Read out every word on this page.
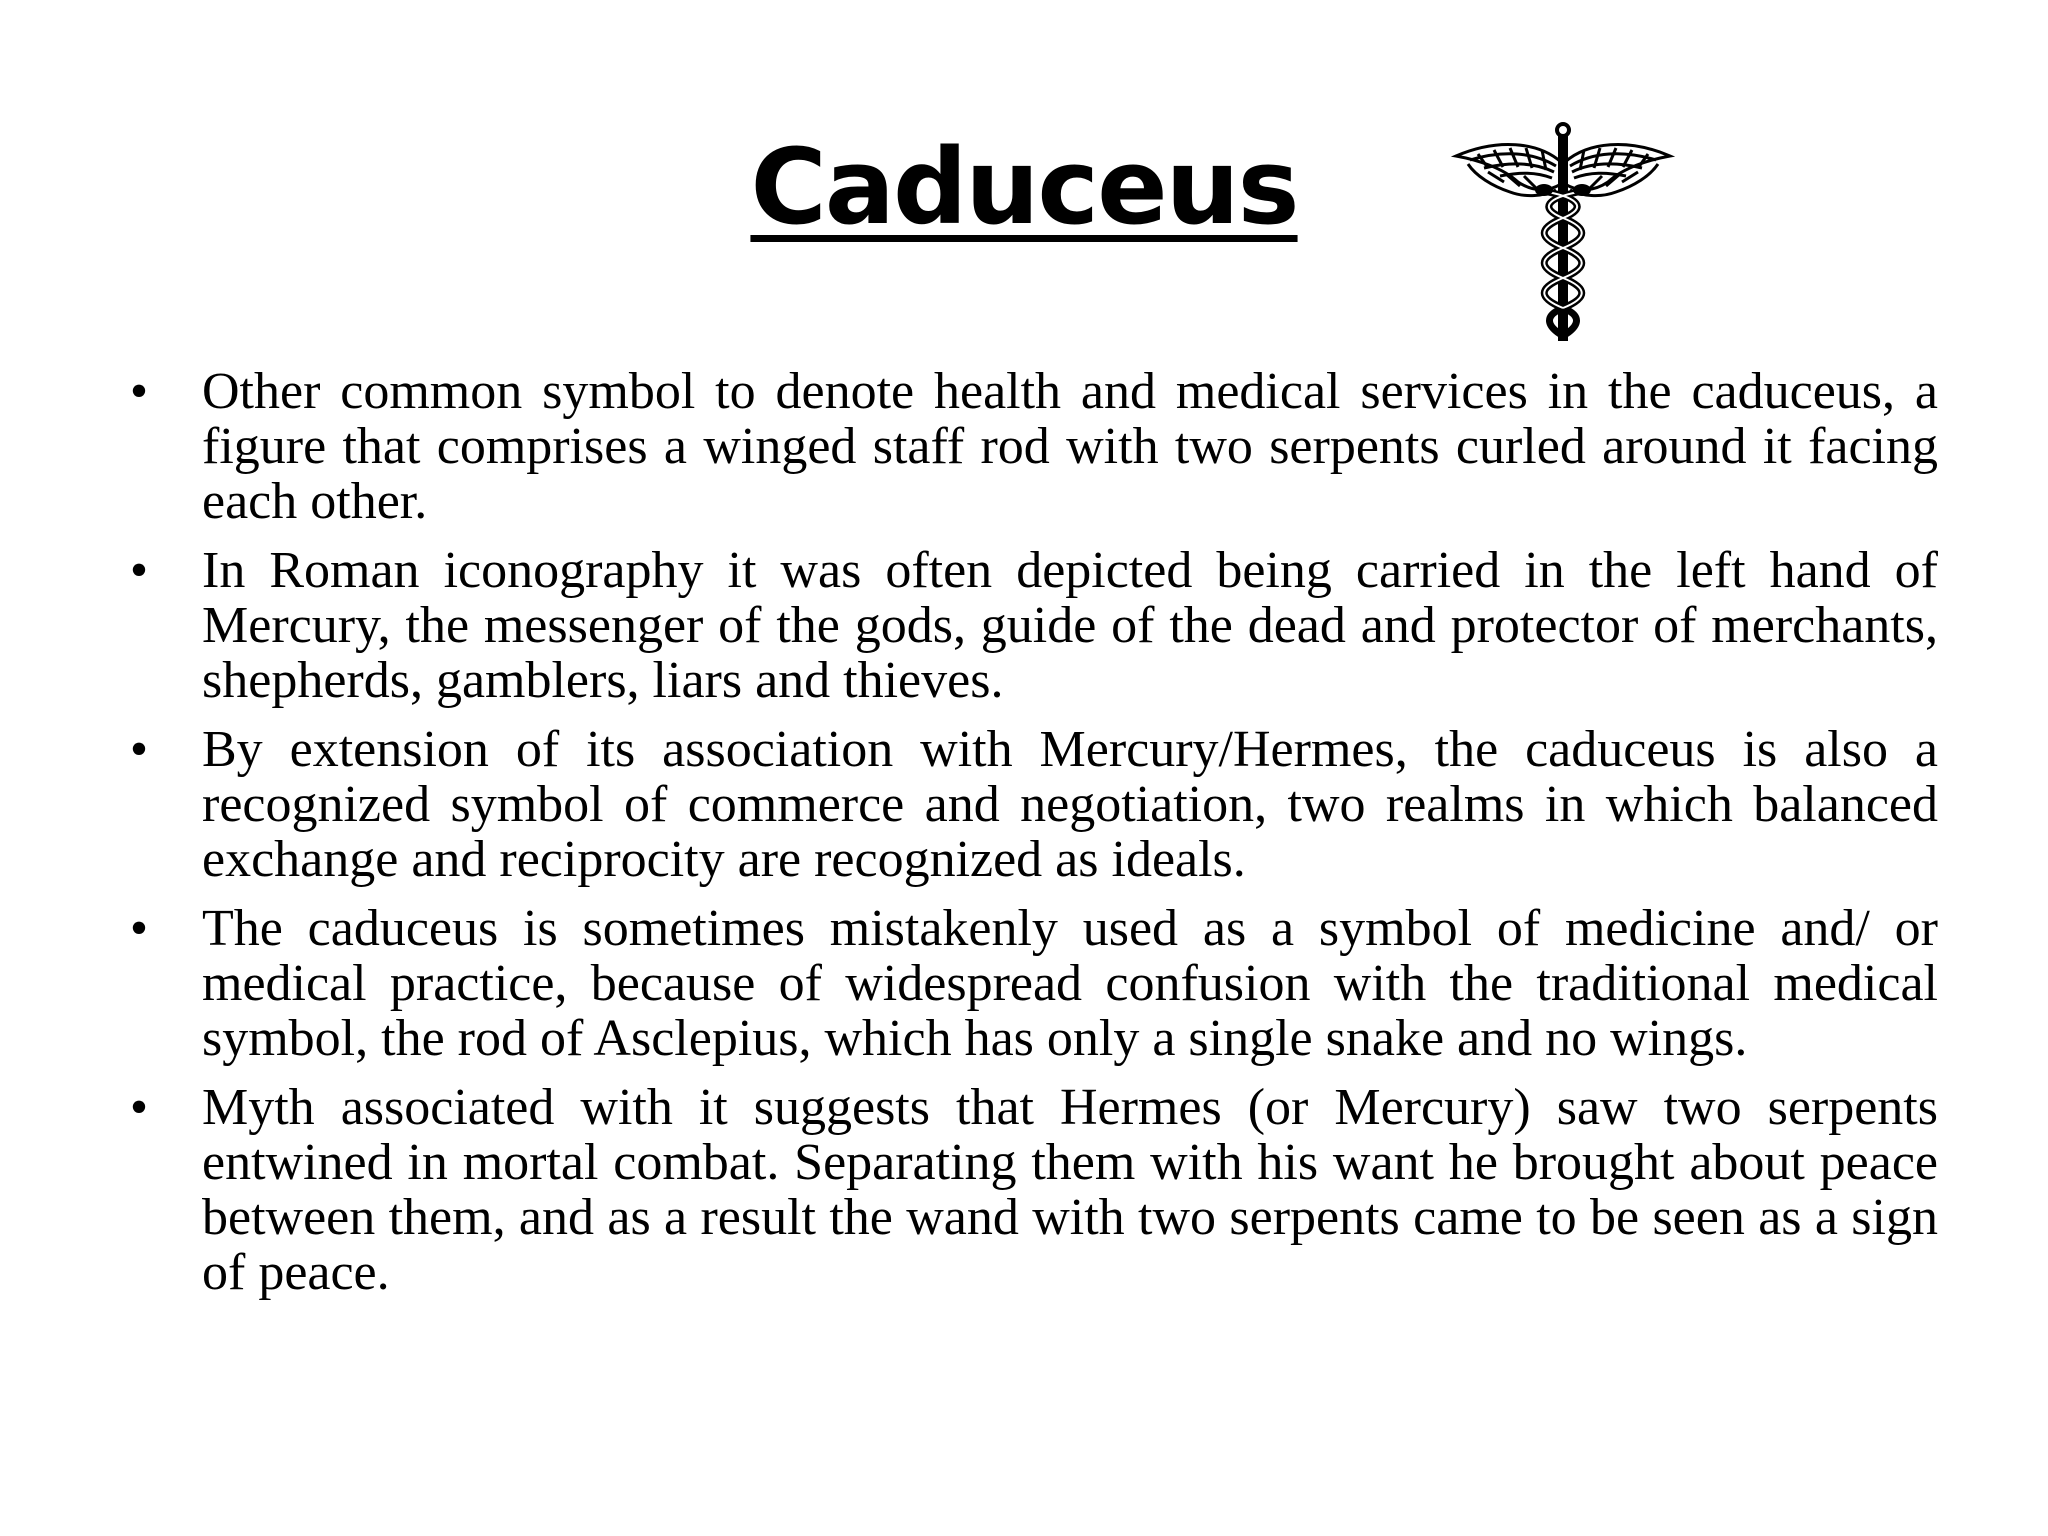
Caduceus
• Other common symbol to denote health and medical services in the caduceus, a figure that comprises a winged staff rod with two serpents curled around it facing each other.
• In Roman iconography it was often depicted being carried in the left hand of Mercury, the messenger of the gods, guide of the dead and protector of merchants, shepherds, gamblers, liars and thieves.
• By extension of its association with Mercury/Hermes, the caduceus is also a recognized symbol of commerce and negotiation, two realms in which balanced exchange and reciprocity are recognized as ideals.
• The caduceus is sometimes mistakenly used as a symbol of medicine and/ or medical practice, because of widespread confusion with the traditional medical symbol, the rod of Asclepius, which has only a single snake and no wings.
• Myth associated with it suggests that Hermes (or Mercury) saw two serpents entwined in mortal combat. Separating them with his want he brought about peace between them, and as a result the wand with two serpents came to be seen as a sign of peace.
